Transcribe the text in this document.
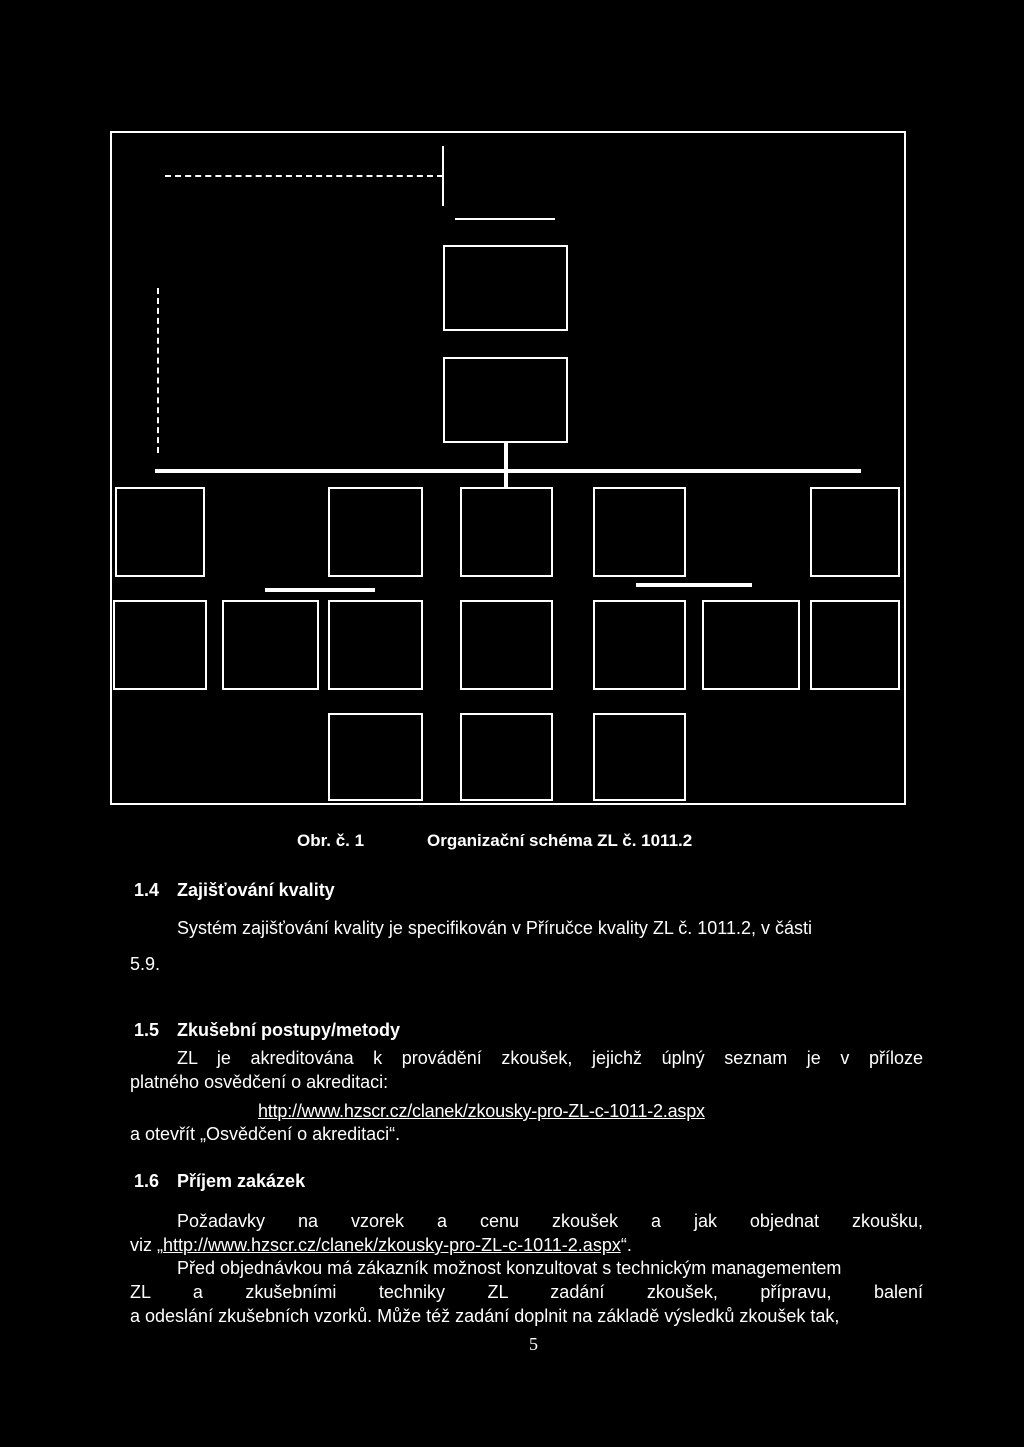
Obr. č. 1	Organizační schéma ZL č. 1011.2
1.4 Zajišťování kvality
Systém zajišťování kvality je specifikován v Příručce kvality ZL č. 1011.2, v části
5.9.
1.5 Zkušební postupy/metody
ZL je akreditována k provádění zkoušek, jejichž úplný seznam je v příloze
platného osvědčení o akreditaci:
http://www.hzscr.cz/clanek/zkousky-pro-ZL-c-1011-2.aspx
a otevřít „Osvědčení o akreditaci“.
1.6 Příjem zakázek
Požadavky na vzorek a cenu zkoušek a jak objednat zkoušku,
viz „http://www.hzscr.cz/clanek/zkousky-pro-ZL-c-1011-2.aspx“.
Před objednávkou má zákazník možnost konzultovat s technickým managementem
ZL a zkušebními techniky ZL zadání zkoušek, přípravu, balení
a odeslání zkušebních vzorků. Může též zadání doplnit na základě výsledků zkoušek tak,
5
